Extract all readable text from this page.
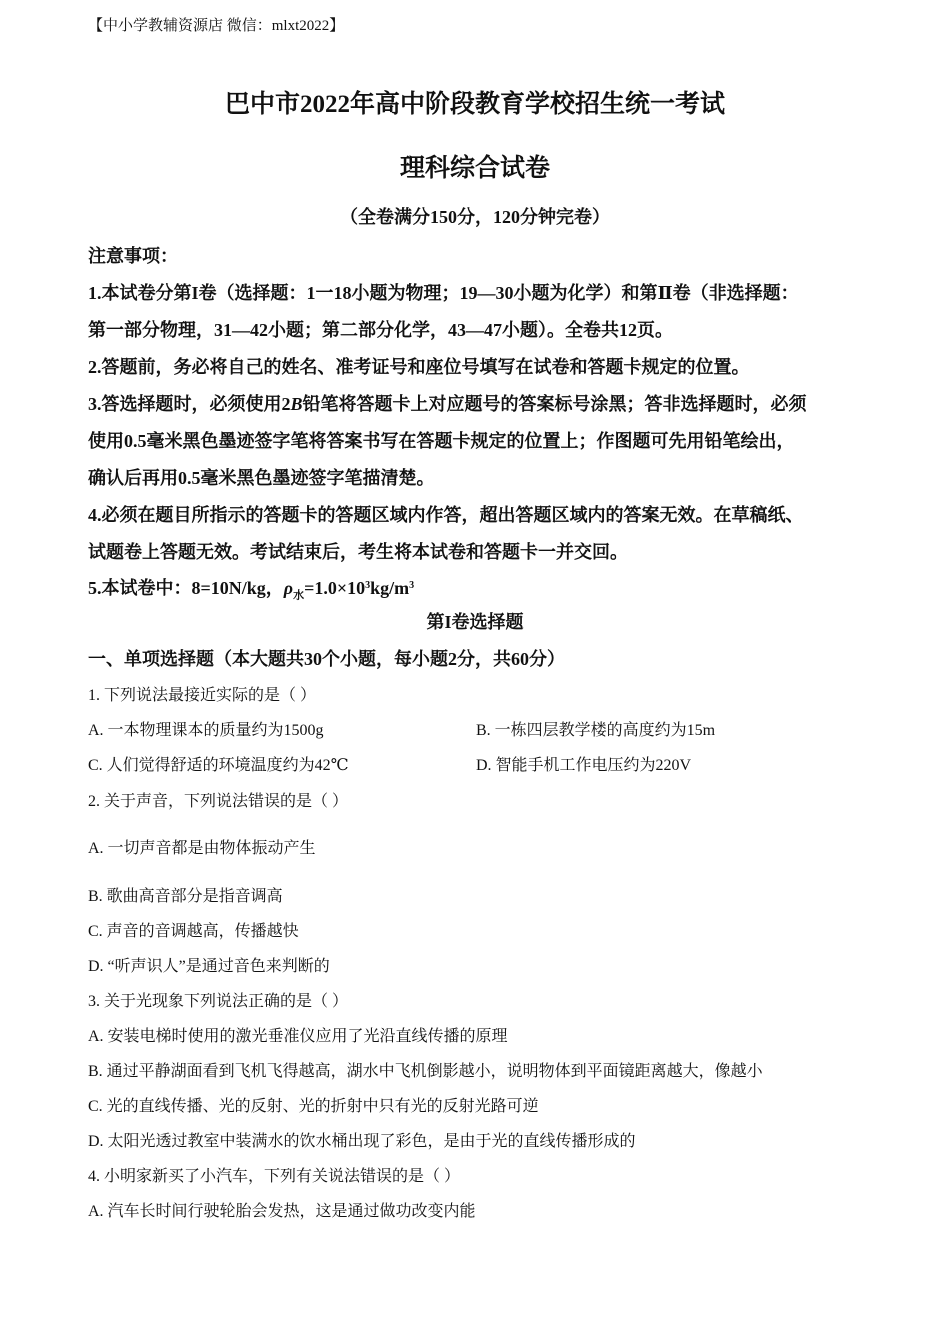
【中小学教辅资源店 微信：mlxt2022】
巴中市2022年高中阶段教育学校招生统一考试
理科综合试卷
（全卷满分150分，120分钟完卷）
注意事项：
1.本试卷分第I卷（选择题：1一18小题为物理；19—30小题为化学）和第Ⅱ卷（非选择题：
第一部分物理，31—42小题；第二部分化学，43—47小题）。全卷共12页。
2.答题前，务必将自己的姓名、准考证号和座位号填写在试卷和答题卡规定的位置。
3.答选择题时，必须使用2B铅笔将答题卡上对应题号的答案标号涂黑；答非选择题时，必须
使用0.5毫米黑色墨迹签字笔将答案书写在答题卡规定的位置上；作图题可先用铅笔绘出，
确认后再用0.5毫米黑色墨迹签字笔描清楚。
4.必须在题目所指示的答题卡的答题区域内作答，超出答题区域内的答案无效。在草稿纸、
试题卷上答题无效。考试结束后，考生将本试卷和答题卡一并交回。
5.本试卷中：8=10N/kg，$\rho_水=1.0\times 10^3kg/m^3$
第I卷选择题
一、单项选择题（本大题共30个小题，每小题2分，共60分）
1. 下列说法最接近实际的是（ ）
A. 一本物理课本的质量约为1500g	B. 一栋四层教学楼的高度约为15m
C. 人们觉得舒适的环境温度约为42℃	D. 智能手机工作电压约为220V
2. 关于声音，下列说法错误的是（ ）
A. 一切声音都是由物体振动产生
B. 歌曲高音部分是指音调高
C. 声音的音调越高，传播越快
D. “听声识人”是通过音色来判断的
3. 关于光现象下列说法正确的是（ ）
A. 安装电梯时使用的激光垂准仪应用了光沿直线传播的原理
B. 通过平静湖面看到飞机飞得越高，湖水中飞机倒影越小，说明物体到平面镜距离越大，像越小
C. 光的直线传播、光的反射、光的折射中只有光的反射光路可逆
D. 太阳光透过教室中装满水的饮水桶出现了彩色，是由于光的直线传播形成的
4. 小明家新买了小汽车，下列有关说法错误的是（ ）
A. 汽车长时间行驶轮胎会发热，这是通过做功改变内能
